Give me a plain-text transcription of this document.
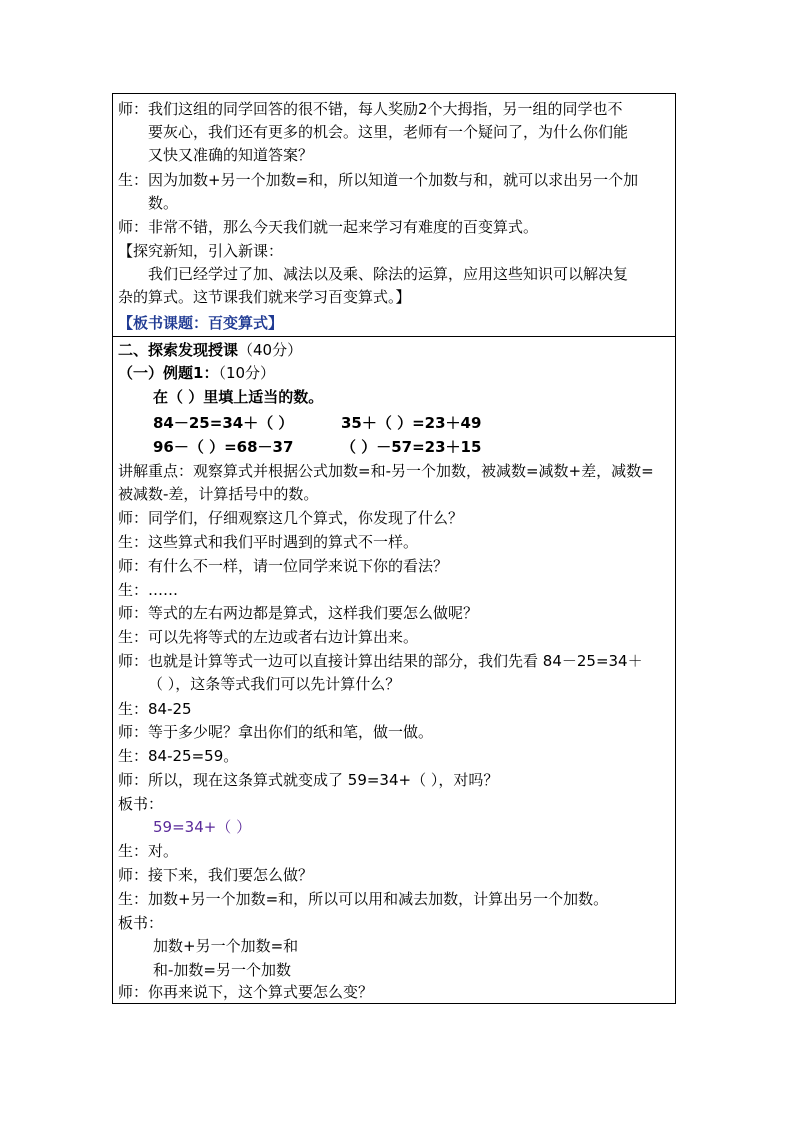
师：我们这组的同学回答的很不错，每人奖励2个大拇指，另一组的同学也不
要灰心，我们还有更多的机会。这里，老师有一个疑问了，为什么你们能
又快又准确的知道答案？
生：因为加数+另一个加数=和，所以知道一个加数与和，就可以求出另一个加
数。
师：非常不错，那么今天我们就一起来学习有难度的百变算式。
【探究新知，引入新课：
我们已经学过了加、减法以及乘、除法的运算，应用这些知识可以解决复
杂的算式。这节课我们就来学习百变算式。】
【板书课题：百变算式】
二、探索发现授课（40分）
（一）例题1：（10分）
在（ ）里填上适当的数。
84－25=34＋（ ）	35＋（ ）=23＋49
96－（ ）=68－37	（ ）－57=23＋15
讲解重点：观察算式并根据公式加数=和-另一个加数，被减数=减数+差，减数=
被减数-差，计算括号中的数。
师：同学们，仔细观察这几个算式，你发现了什么？
生：这些算式和我们平时遇到的算式不一样。
师：有什么不一样，请一位同学来说下你的看法？
生：……
师：等式的左右两边都是算式，这样我们要怎么做呢？
生：可以先将等式的左边或者右边计算出来。
师：也就是计算等式一边可以直接计算出结果的部分，我们先看 84－25=34＋
（ ），这条等式我们可以先计算什么？
生：84-25
师：等于多少呢？拿出你们的纸和笔，做一做。
生：84-25=59。
师：所以，现在这条算式就变成了 59=34+（ ），对吗？
板书：
59=34+（ ）
生：对。
师：接下来，我们要怎么做？
生：加数+另一个加数=和，所以可以用和减去加数，计算出另一个加数。
板书：
加数+另一个加数=和
和-加数=另一个加数
师：你再来说下，这个算式要怎么变？
